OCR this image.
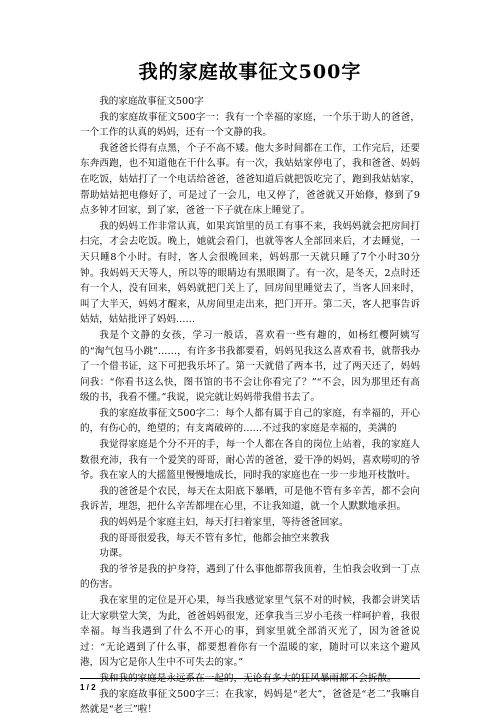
我的家庭故事征文500字

我的家庭故事征文500字

我的家庭故事征文500字一：我有一个幸福的家庭，一个乐于助人的爸爸，一个工作的认真的妈妈，还有一个文静的我。

我爸爸长得有点黑，个子不高不矮。他大多时间都在工作，工作完后，还要东奔西跑，也不知道他在干什么事。有一次，我姑姑家停电了，我和爸爸、妈妈在吃饭，姑姑打了一个电话给爸爸，爸爸知道后就把饭吃完了，跑到我姑姑家，帮助姑姑把电修好了，可是过了一会儿，电又停了，爸爸就又开始修，修到了9点多钟才回家，到了家，爸爸一下子就在床上睡觉了。

我的妈妈工作非常认真，如果宾馆里的员工有事不来，我妈妈就会把房间打扫完，才会去吃饭。晚上，她就会看门，也就等客人全部回来后，才去睡觉，一天只睡8个小时。有时，客人会很晚回来，妈妈那一天就只睡了7个小时30分钟。我妈妈天天等人，所以等的眼睛边有黑眼圈了。有一次，是冬天，2点时还有一个人，没有回来，妈妈就把门关上了，回房间里睡觉去了，当客人回来时，叫了大半天，妈妈才醒来，从房间里走出来，把门开开。第二天，客人把事告诉姑姑，姑姑批评了妈妈……

我是个文静的女孩，学习一般话，喜欢看一些有趣的，如杨红樱阿姨写的“淘气包马小跳”……，有许多书我都要看，妈妈见我这么喜欢看书，就帮我办了一个借书证，这下可把我乐坏了。第一天就借了两本书，过了两天还了，妈妈问我：“你看书这么快，图书馆的书不会让你看完了？”“不会，因为那里还有高级的书，我看不懂。”我说，说完就让妈妈带我借书去了。

我的家庭故事征文500字二：每个人都有属于自己的家庭，有幸福的，开心的，有伤心的，绝望的；有支离破碎的……不过我的家庭是幸福的，美满的

我觉得家庭是个分不开的手，每一个人都在各自的岗位上站着，我的家庭人数很充沛，我有一个爱笑的哥哥，耐心苦的爸爸，爱干净的妈妈，喜欢唠叨的爷爷。我在家人的大摇篮里慢慢地成长，同时我的家庭也在一步一步地开枝散叶。

我的爸爸是个农民，每天在太阳底下暴晒，可是他不管有多辛苦，都不会向我诉苦，埋怨，把什么辛苦都埋在心里，不让我知道，就一个人默默地承担。

我的妈妈是个家庭主妇，每天打扫着家里，等待爸爸回家。

我的哥哥很爱我，每天不管有多忙，他都会抽空来教我

功课。

我的爷爷是我的护身符，遇到了什么事他都帮我顶着，生怕我会收到一丁点的伤害。

我在家里的定位是开心果，每当我感觉家里气氛不对的时候，我都会讲笑话让大家哄堂大笑，为此，爸爸妈妈很宠，还拿我当三岁小毛孩一样呵护着，我很幸福。每当我遇到了什么不开心的事，到家里就全部消灭光了，因为爸爸说过：“无论遇到了什么事，都要想着你有一个温暖的家，随时可以来这个避风港，因为它是你人生中不可失去的家。”

我和我的家庭是永远系在一起的，无论有多大的狂风暴雨都不会拆散。

我的家庭故事征文500字三：在我家，妈妈是“老大”，爸爸是“老二”我嘛自然就是“老三”啦！

1 / 2
